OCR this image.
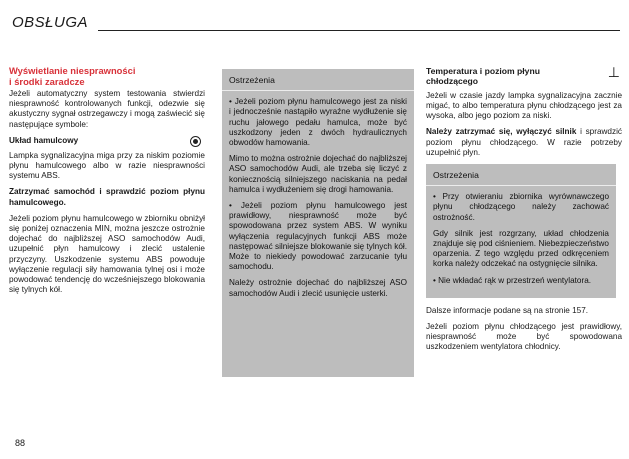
OBSŁUGA
Wyświetlanie niesprawności
i środki zaradcze

Jeżeli automatyczny system testowania stwierdzi niesprawność kontrolowanych funkcji, odezwie się akustyczny sygnał ostrzegawczy i mogą zaświecić się następujące symbole:

Układ hamulcowy

Lampka sygnalizacyjna miga przy za niskim poziomie płynu hamulcowego albo w razie niesprawności systemu ABS.

Zatrzymać samochód i sprawdzić poziom płynu hamulcowego.

Jeżeli poziom płynu hamulcowego w zbiorniku obniżył się poniżej oznaczenia MIN, można jeszcze ostrożnie dojechać do najbliższej ASO samochodów Audi, uzupełnić płyn hamulcowy i zlecić ustalenie przyczyny. Uszkodzenie systemu ABS powoduje wyłączenie regulacji siły hamowania tylnej osi i może powodować tendencję do wcześniejszego blokowania się tylnych kół.

Ostrzeżenia

• Jeżeli poziom płynu hamulcowego jest za niski i jednocześnie nastąpiło wyraźne wydłużenie się ruchu jałowego pedału hamulca, może być uszkodzony jeden z dwóch hydraulicznych obwodów hamowania.

Mimo to można ostrożnie dojechać do najbliższej ASO samochodów Audi, ale trzeba się liczyć z koniecznością silniejszego naciskania na pedał hamulca i wydłużeniem się drogi hamowania.

• Jeżeli poziom płynu hamulcowego jest prawidłowy, niesprawność może być spowodowana przez system ABS. W wyniku wyłączenia regulacyjnych funkcji ABS może następować silniejsze blokowanie się tylnych kół. Może to niekiedy powodować zarzucanie tyłu samochodu.

Należy ostrożnie dojechać do najbliższej ASO samochodów Audi i zlecić usunięcie usterki.

Temperatura i poziom płynu
chłodzącego
⊥

Jeżeli w czasie jazdy lampka sygnalizacyjna zacznie migać, to albo temperatura płynu chłodzącego jest za wysoka, albo jego poziom za niski.

Należy zatrzymać się, wyłączyć silnik i sprawdzić poziom płynu chłodzącego. W razie potrzeby uzupełnić płyn.

Ostrzeżenia

• Przy otwieraniu zbiornika wyrównawczego płynu chłodzącego należy zachować ostrożność.

Gdy silnik jest rozgrzany, układ chłodzenia znajduje się pod ciśnieniem. Niebezpieczeństwo oparzenia. Z tego względu przed odkręceniem korka należy odczekać na ostygnięcie silnika.

• Nie wkładać rąk w przestrzeń wentylatora.

Dalsze informacje podane są na stronie 157.

Jeżeli poziom płynu chłodzącego jest prawidłowy, niesprawność może być spowodowana uszkodzeniem wentylatora chłodnicy.

88
